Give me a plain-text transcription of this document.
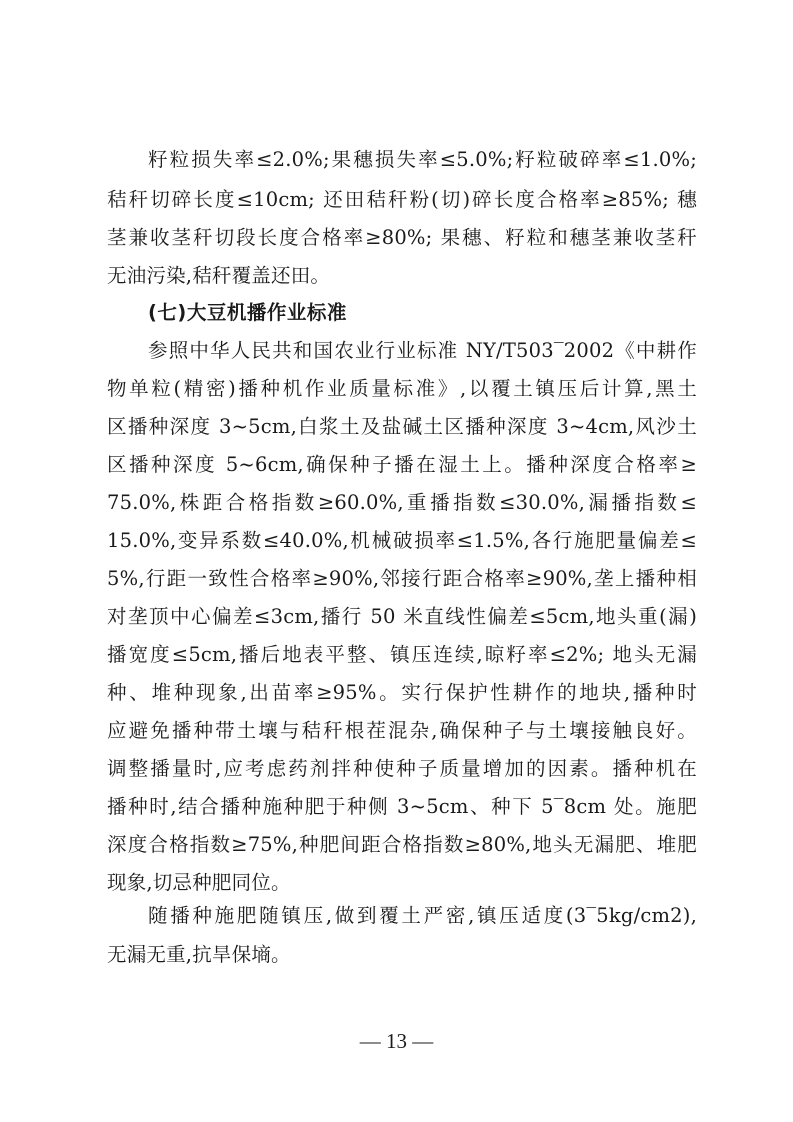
籽粒损失率≤2.0%;果穗损失率≤5.0%;籽粒破碎率≤1.0%;
秸秆切碎长度≤10cm; 还田秸秆粉(切)碎长度合格率≥85%; 穗
茎兼收茎秆切段长度合格率≥80%; 果穗、籽粒和穗茎兼收茎秆
无油污染,秸秆覆盖还田。
(七)大豆机播作业标准
参照中华人民共和国农业行业标准 NY/T503‾2002《中耕作
物单粒(精密)播种机作业质量标准》,以覆土镇压后计算,黑土
区播种深度 3~5cm,白浆土及盐碱土区播种深度 3~4cm,风沙土
区播种深度 5~6cm,确保种子播在湿土上。播种深度合格率≥
75.0%,株距合格指数≥60.0%,重播指数≤30.0%,漏播指数≤
15.0%,变异系数≤40.0%,机械破损率≤1.5%,各行施肥量偏差≤
5%,行距一致性合格率≥90%,邻接行距合格率≥90%,垄上播种相
对垄顶中心偏差≤3cm,播行 50 米直线性偏差≤5cm,地头重(漏)
播宽度≤5cm,播后地表平整、镇压连续,晾籽率≤2%; 地头无漏
种、堆种现象,出苗率≥95%。实行保护性耕作的地块,播种时
应避免播种带土壤与秸秆根茬混杂,确保种子与土壤接触良好。
调整播量时,应考虑药剂拌种使种子质量增加的因素。播种机在
播种时,结合播种施种肥于种侧 3~5cm、种下 5‾8cm 处。施肥
深度合格指数≥75%,种肥间距合格指数≥80%,地头无漏肥、堆肥
现象,切忌种肥同位。
随播种施肥随镇压,做到覆土严密,镇压适度(3‾5kg/cm2),
无漏无重,抗旱保墒。
— 13 —
